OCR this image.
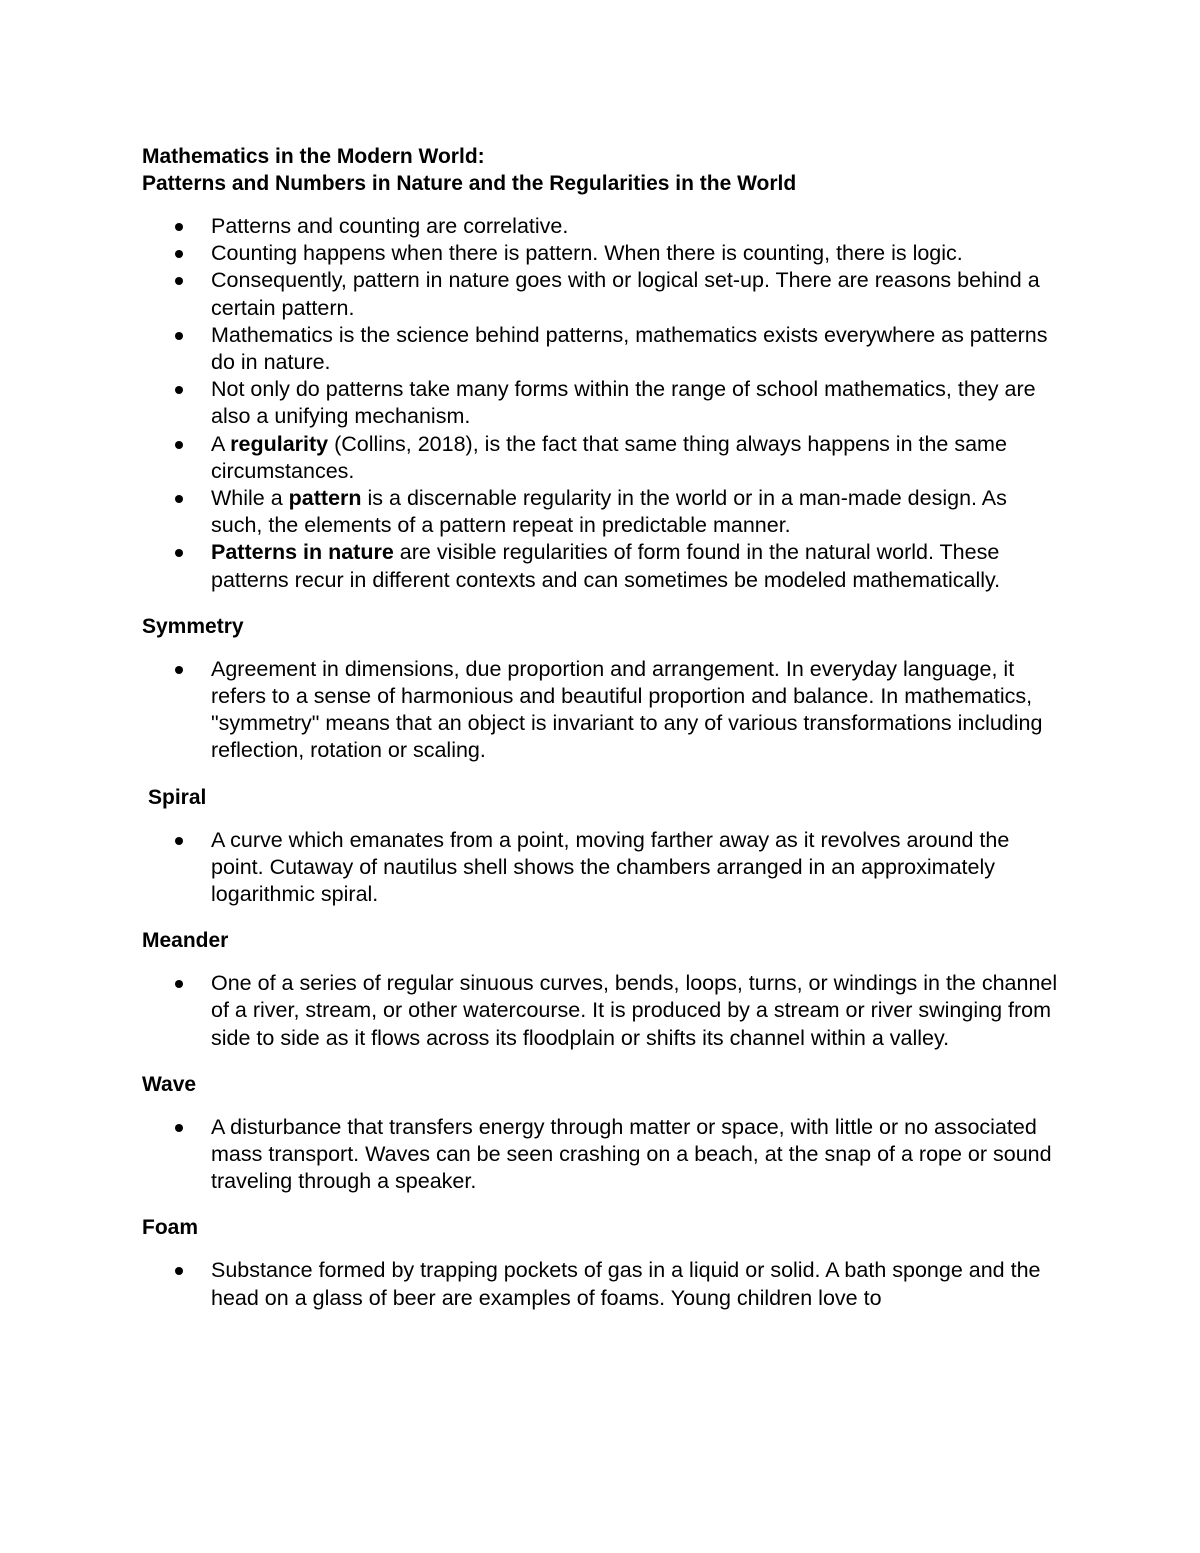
Mathematics in the Modern World:

Patterns and Numbers in Nature and the Regularities in the World

Patterns and counting are correlative.
Counting happens when there is pattern. When there is counting, there is logic.
Consequently, pattern in nature goes with or logical set-up. There are reasons behind a certain pattern.
Mathematics is the science behind patterns, mathematics exists everywhere as patterns do in nature.
Not only do patterns take many forms within the range of school mathematics, they are also a unifying mechanism.
A regularity (Collins, 2018), is the fact that same thing always happens in the same circumstances.
While a pattern is a discernable regularity in the world or in a man-made design. As such, the elements of a pattern repeat in predictable manner.
Patterns in nature are visible regularities of form found in the natural world. These patterns recur in different contexts and can sometimes be modeled mathematically.

Symmetry

Agreement in dimensions, due proportion and arrangement. In everyday language, it refers to a sense of harmonious and beautiful proportion and balance. In mathematics, "symmetry" means that an object is invariant to any of various transformations including reflection, rotation or scaling.

Spiral

A curve which emanates from a point, moving farther away as it revolves around the point. Cutaway of nautilus shell shows the chambers arranged in an approximately logarithmic spiral.

Meander

One of a series of regular sinuous curves, bends, loops, turns, or windings in the channel of a river, stream, or other watercourse. It is produced by a stream or river swinging from side to side as it flows across its floodplain or shifts its channel within a valley.

Wave

A disturbance that transfers energy through matter or space, with little or no associated mass transport. Waves can be seen crashing on a beach, at the snap of a rope or sound traveling through a speaker.

Foam

Substance formed by trapping pockets of gas in a liquid or solid. A bath sponge and the head on a glass of beer are examples of foams. Young children love to
